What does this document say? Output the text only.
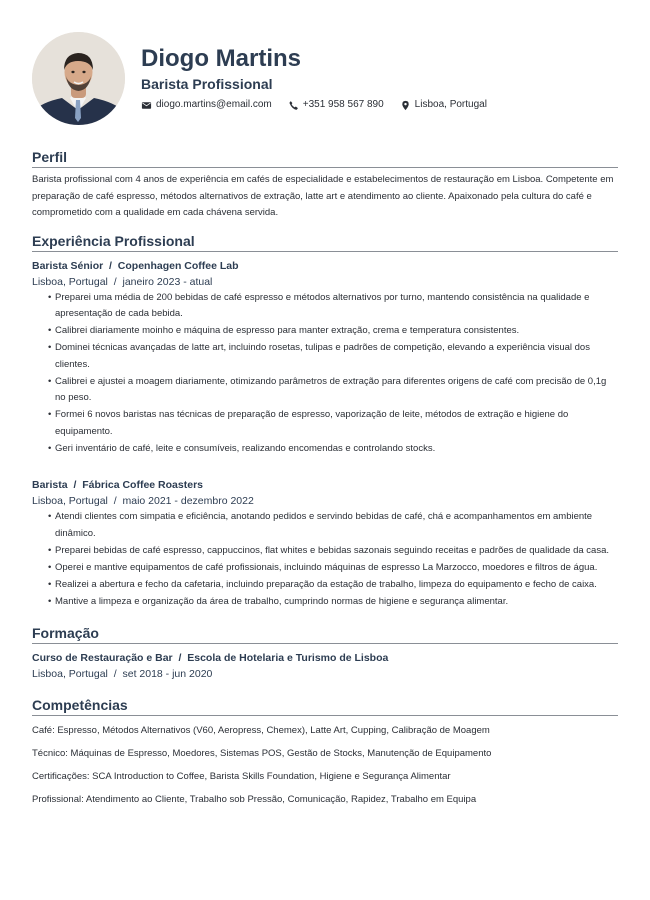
Diogo Martins
Barista Profissional
diogo.martins@email.com	+351 958 567 890	Lisboa, Portugal
Perfil
Barista profissional com 4 anos de experiência em cafés de especialidade e estabelecimentos de restauração em Lisboa. Competente em preparação de café espresso, métodos alternativos de extração, latte art e atendimento ao cliente. Apaixonado pela cultura do café e comprometido com a qualidade em cada chávena servida.
Experiência Profissional
Barista Sénior  /  Copenhagen Coffee Lab
Lisboa, Portugal  /  janeiro 2023 - atual
• Preparei uma média de 200 bebidas de café espresso e métodos alternativos por turno, mantendo consistência na qualidade e apresentação de cada bebida.
• Calibrei diariamente moinho e máquina de espresso para manter extração, crema e temperatura consistentes.
• Dominei técnicas avançadas de latte art, incluindo rosetas, tulipas e padrões de competição, elevando a experiência visual dos clientes.
• Calibrei e ajustei a moagem diariamente, otimizando parâmetros de extração para diferentes origens de café com precisão de 0,1g no peso.
• Formei 6 novos baristas nas técnicas de preparação de espresso, vaporização de leite, métodos de extração e higiene do equipamento.
• Geri inventário de café, leite e consumíveis, realizando encomendas e controlando stocks.
Barista  /  Fábrica Coffee Roasters
Lisboa, Portugal  /  maio 2021 - dezembro 2022
• Atendi clientes com simpatia e eficiência, anotando pedidos e servindo bebidas de café, chá e acompanhamentos em ambiente dinâmico.
• Preparei bebidas de café espresso, cappuccinos, flat whites e bebidas sazonais seguindo receitas e padrões de qualidade da casa.
• Operei e mantive equipamentos de café profissionais, incluindo máquinas de espresso La Marzocco, moedores e filtros de água.
• Realizei a abertura e fecho da cafetaria, incluindo preparação da estação de trabalho, limpeza do equipamento e fecho de caixa.
• Mantive a limpeza e organização da área de trabalho, cumprindo normas de higiene e segurança alimentar.
Formação
Curso de Restauração e Bar  /  Escola de Hotelaria e Turismo de Lisboa
Lisboa, Portugal  /  set 2018 - jun 2020
Competências
Café: Espresso, Métodos Alternativos (V60, Aeropress, Chemex), Latte Art, Cupping, Calibração de Moagem
Técnico: Máquinas de Espresso, Moedores, Sistemas POS, Gestão de Stocks, Manutenção de Equipamento
Certificações: SCA Introduction to Coffee, Barista Skills Foundation, Higiene e Segurança Alimentar
Profissional: Atendimento ao Cliente, Trabalho sob Pressão, Comunicação, Rapidez, Trabalho em Equipa
